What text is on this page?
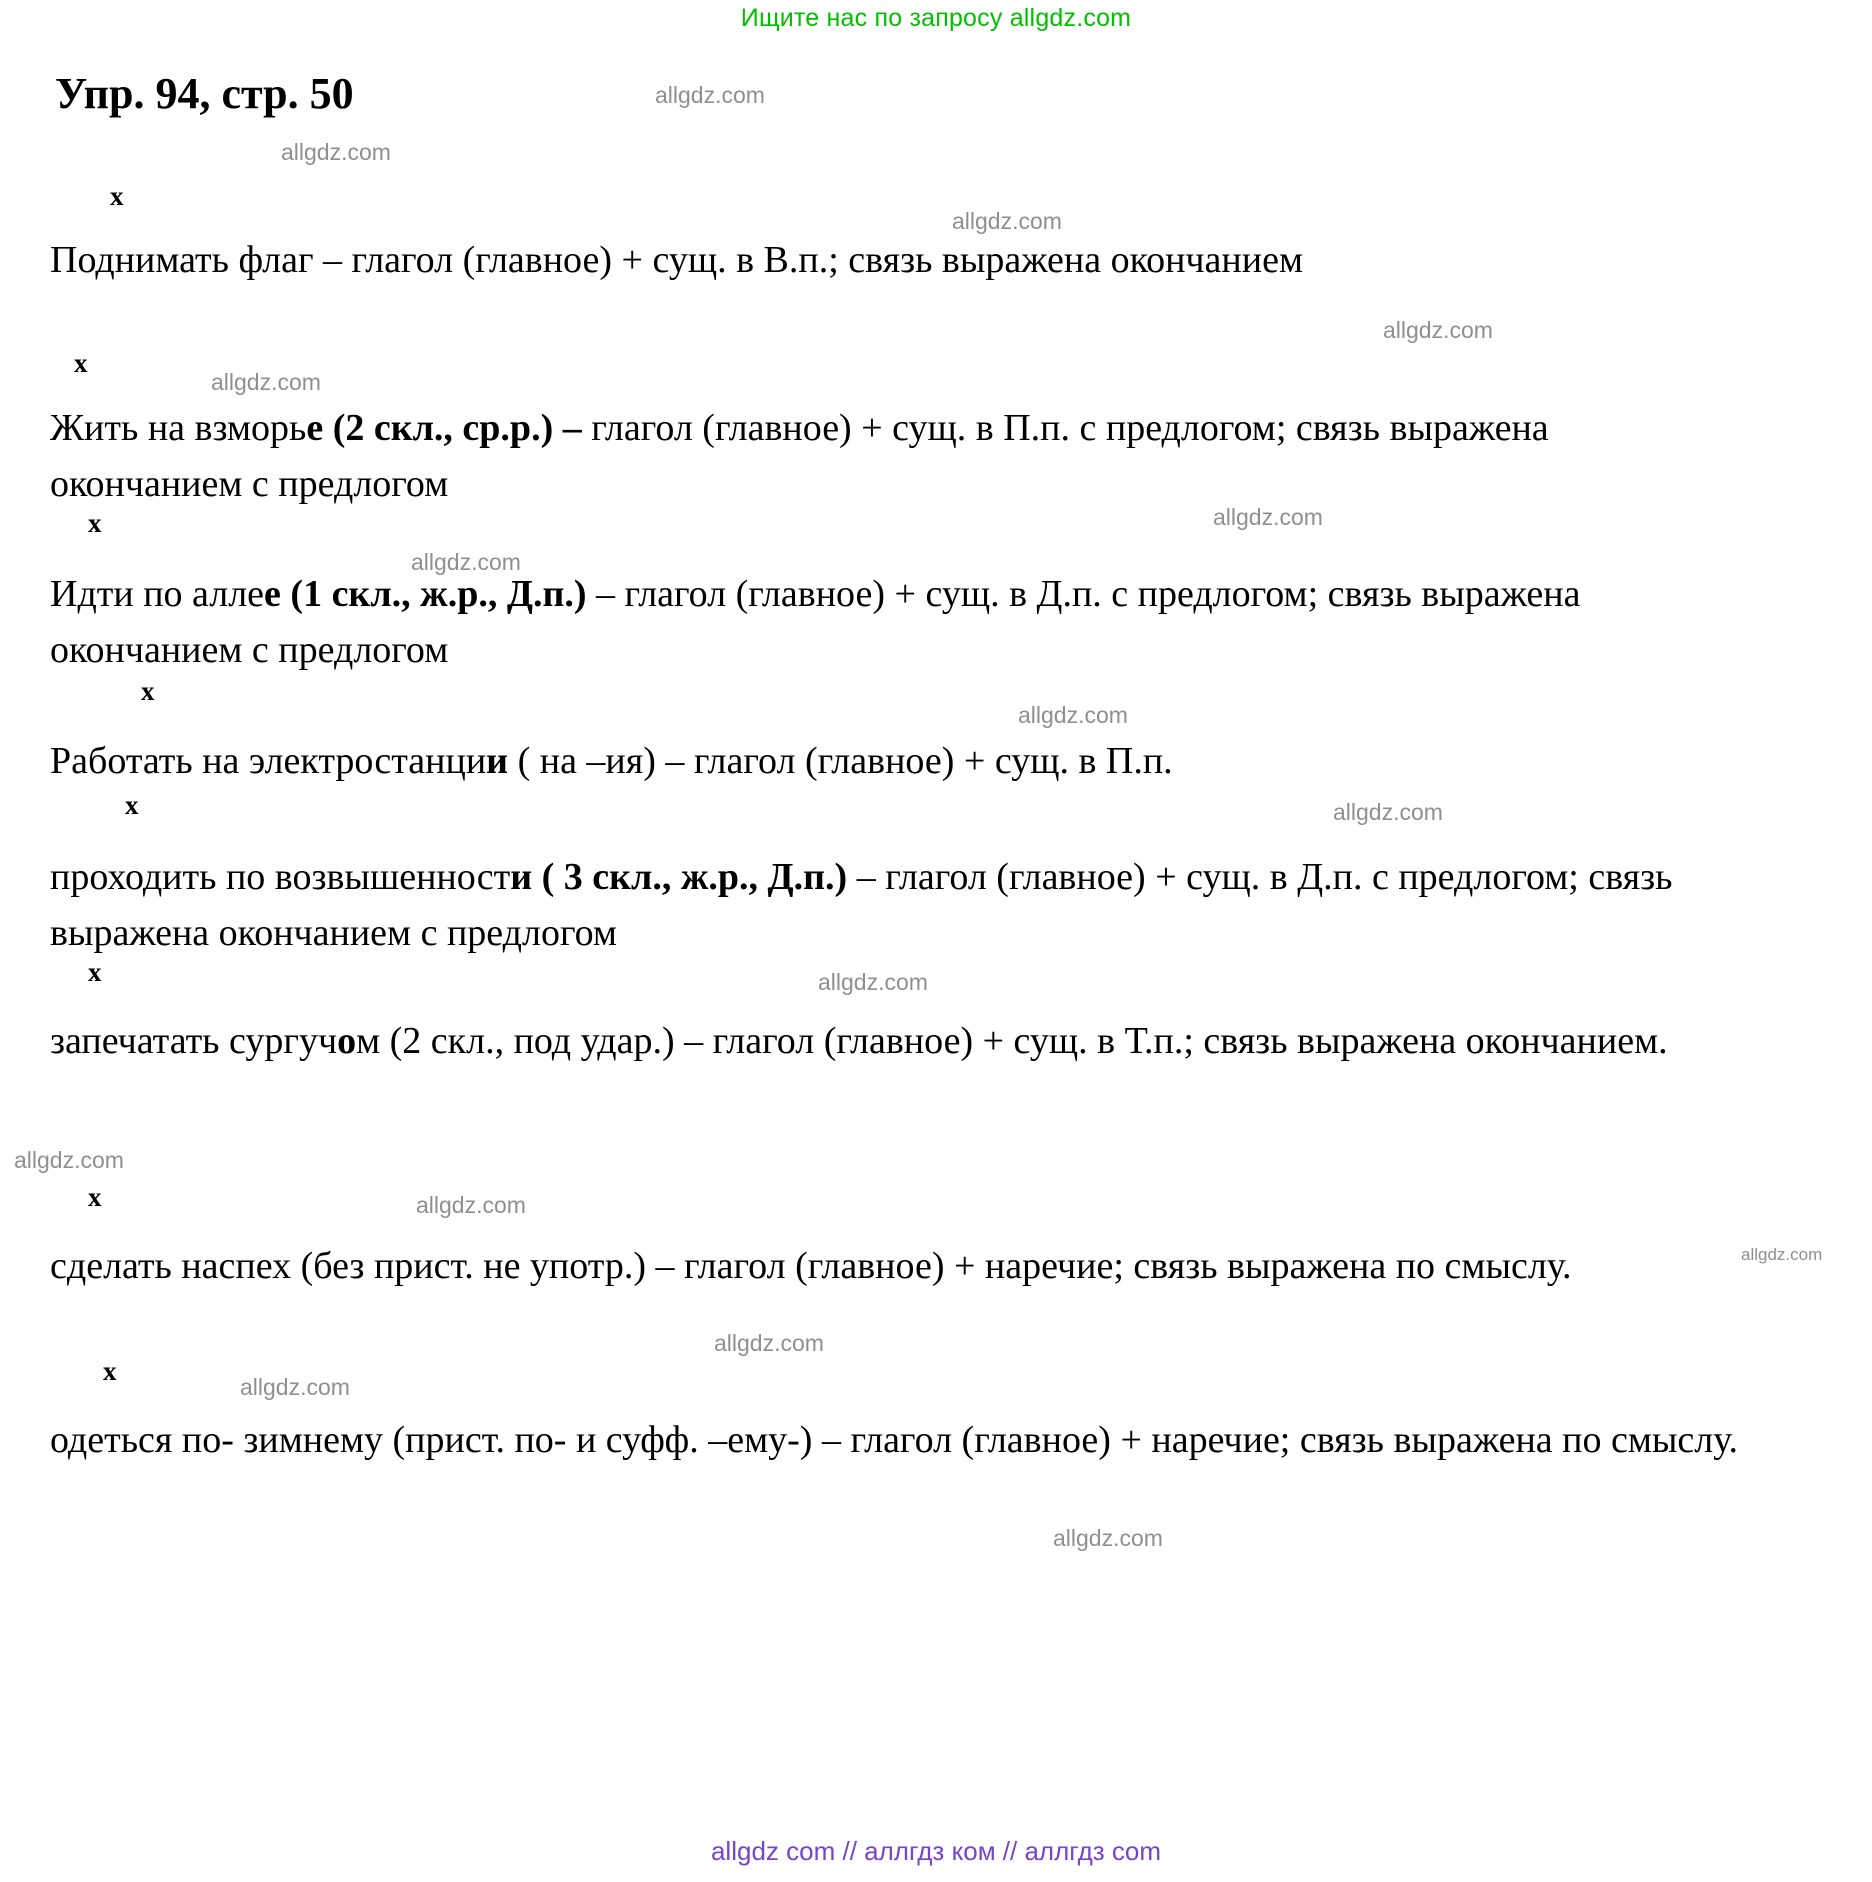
Ищите нас по запросу allgdz.com
Упр. 94, стр. 50
х
х
х
х
х
х
х
х
allgdz.com
allgdz.com
allgdz.com
allgdz.com
allgdz.com
allgdz.com
allgdz.com
allgdz.com
allgdz.com
allgdz.com
allgdz.com
allgdz.com
allgdz.com
allgdz.com
allgdz.com
allgdz.com
Поднимать флаг – глагол (главное) + сущ. в В.п.; связь выражена окончанием
Жить на взморье (2 скл., ср.р.) – глагол (главное) + сущ. в П.п. с предлогом; связь выражена окончанием с предлогом
Идти по аллее (1 скл., ж.р., Д.п.) – глагол (главное) + сущ. в Д.п. с предлогом; связь выражена окончанием с предлогом
Работать на электростанции ( на –ия) – глагол (главное) + сущ. в П.п.
проходить по возвышенности ( 3 скл., ж.р., Д.п.) – глагол (главное) + сущ. в Д.п. с предлогом; связь выражена окончанием с предлогом
запечатать сургучом (2 скл., под удар.) – глагол (главное) + сущ. в Т.п.; связь выражена окончанием.
сделать наспех (без прист. не употр.) – глагол (главное) + наречие; связь выражена по смыслу.
одеться по- зимнему (прист. по- и суфф. –ему-) – глагол (главное) + наречие; связь выражена по смыслу.
allgdz com // аллгдз ком // аллгдз com
